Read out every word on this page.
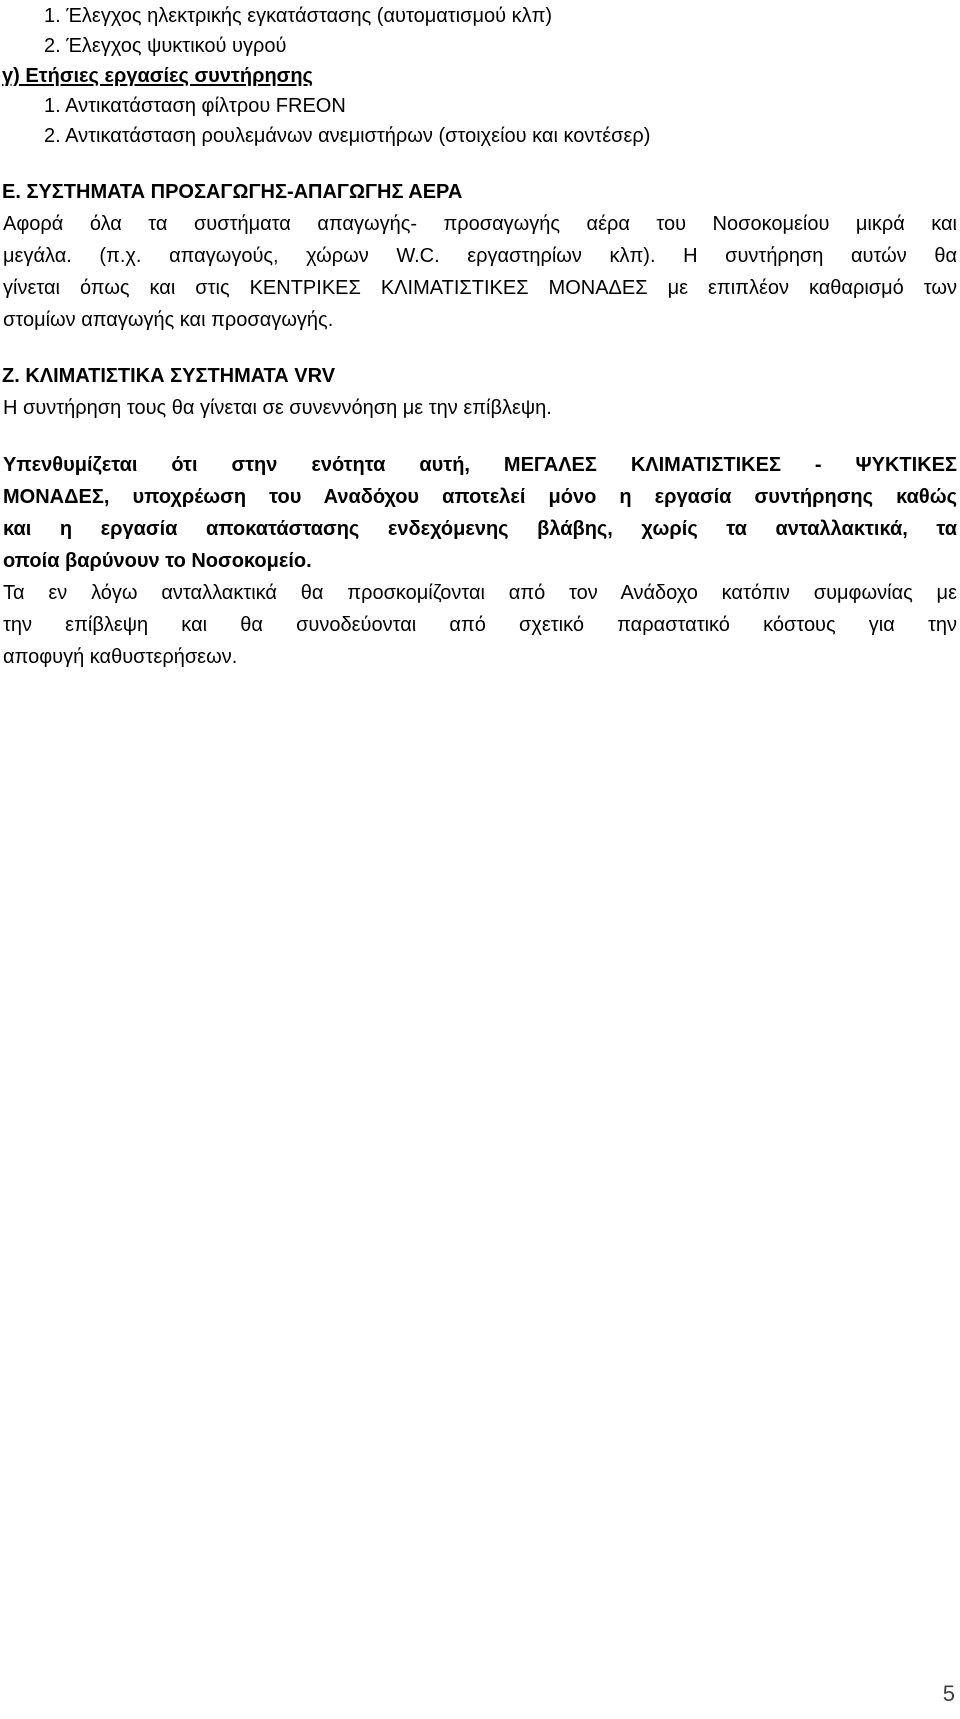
1. Έλεγχος ηλεκτρικής εγκατάστασης (αυτοματισμού κλπ)
2. Έλεγχος ψυκτικού υγρού
γ) Ετήσιες εργασίες συντήρησης
1. Αντικατάσταση φίλτρου FREON
2. Αντικατάσταση ρουλεμάνων ανεμιστήρων (στοιχείου και κοντέσερ)
Ε. ΣΥΣΤΗΜΑΤΑ ΠΡΟΣΑΓΩΓΗΣ-ΑΠΑΓΩΓΗΣ ΑΕΡΑ
Αφορά όλα τα συστήματα απαγωγής- προσαγωγής αέρα του Νοσοκομείου μικρά και
μεγάλα. (π.χ. απαγωγούς, χώρων W.C. εργαστηρίων κλπ). Η συντήρηση αυτών θα
γίνεται όπως και στις ΚΕΝΤΡΙΚΕΣ ΚΛΙΜΑΤΙΣΤΙΚΕΣ ΜΟΝΑΔΕΣ με επιπλέον καθαρισμό των
στομίων απαγωγής και προσαγωγής.
Ζ. ΚΛΙΜΑΤΙΣΤΙΚΑ ΣΥΣΤΗΜΑΤΑ VRV
Η συντήρηση τους θα γίνεται σε συνεννόηση με την επίβλεψη.
Υπενθυμίζεται ότι στην ενότητα αυτή, ΜΕΓΑΛΕΣ ΚΛΙΜΑΤΙΣΤΙΚΕΣ - ΨΥΚΤΙΚΕΣ
ΜΟΝΑΔΕΣ, υποχρέωση του Αναδόχου αποτελεί μόνο η εργασία συντήρησης καθώς
και η εργασία αποκατάστασης ενδεχόμενης βλάβης, χωρίς τα ανταλλακτικά, τα
οποία βαρύνουν το Νοσοκομείο.
Τα εν λόγω ανταλλακτικά θα προσκομίζονται από τον Ανάδοχο κατόπιν συμφωνίας με
την επίβλεψη και θα συνοδεύονται από σχετικό παραστατικό κόστους για την
αποφυγή καθυστερήσεων.
5
